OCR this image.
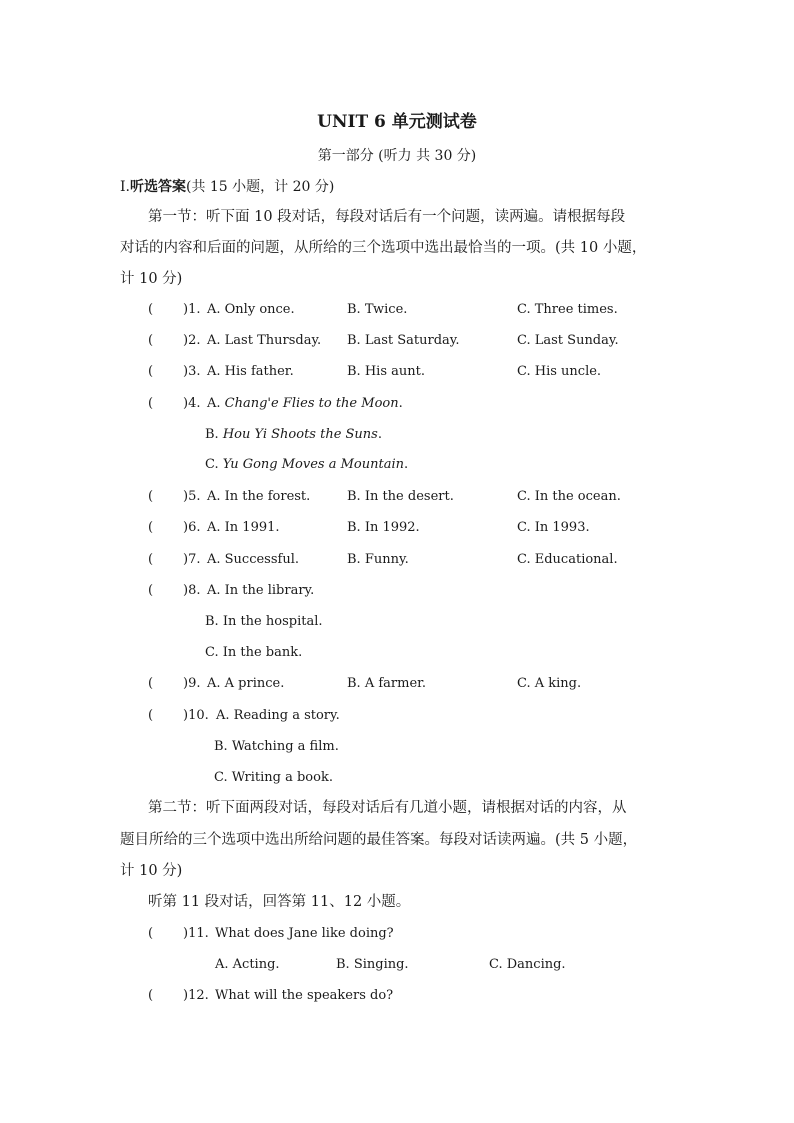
UNIT 6 单元测试卷
第一部分 (听力 共 30 分)
Ⅰ.听选答案(共 15 小题，计 20 分)
第一节：听下面 10 段对话，每段对话后有一个问题，读两遍。请根据每段
对话的内容和后面的问题，从所给的三个选项中选出最恰当的一项。(共 10 小题，
计 10 分)
( )1. A. Only once.	B. Twice.	C. Three times.
( )2. A. Last Thursday. B. Last Saturday.	C. Last Sunday.
( )3. A. His father.	B. His aunt.	C. His uncle.
( )4. A. Chang'e Flies to the Moon.
B. Hou Yi Shoots the Suns.
C. Yu Gong Moves a Mountain.
( )5. A. In the forest.	B. In the desert.	C. In the ocean.
( )6. A. In 1991.	B. In 1992.	C. In 1993.
( )7. A. Successful.	B. Funny.	C. Educational.
( )8. A. In the library.
B. In the hospital.
C. In the bank.
( )9. A. A prince.	B. A farmer.	C. A king.
( )10. A. Reading a story.
B. Watching a film.
C. Writing a book.
第二节：听下面两段对话，每段对话后有几道小题，请根据对话的内容，从
题目所给的三个选项中选出所给问题的最佳答案。每段对话读两遍。(共 5 小题，
计 10 分)
听第 11 段对话，回答第 11、12 小题。
( )11. What does Jane like doing?
A. Acting.	B. Singing.	C. Dancing.
( )12. What will the speakers do?
